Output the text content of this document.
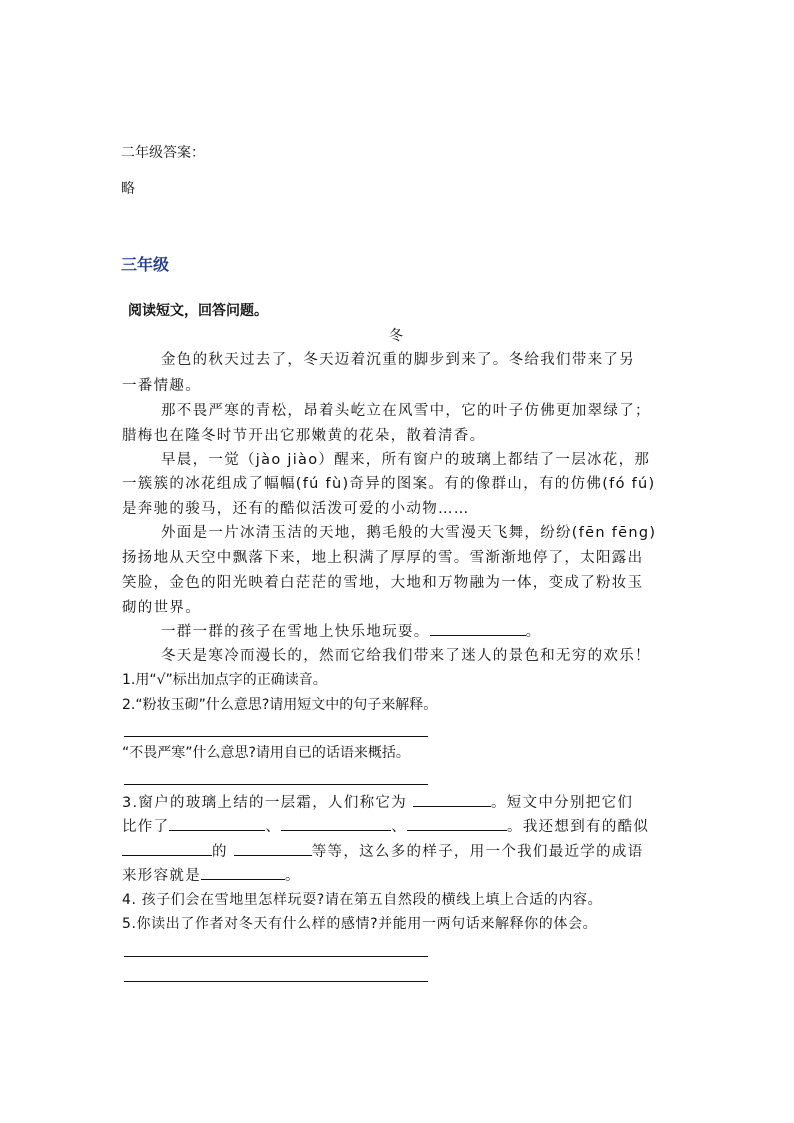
二年级答案：
略
三年级
阅读短文，回答问题。
冬
金色的秋天过去了，冬天迈着沉重的脚步到来了。冬给我们带来了另
一番情趣。
那不畏严寒的青松，昂着头屹立在风雪中，它的叶子仿佛更加翠绿了；
腊梅也在隆冬时节开出它那嫩黄的花朵，散着清香。
早晨，一觉（jào jiào）醒来，所有窗户的玻璃上都结了一层冰花，那
一簇簇的冰花组成了幅幅(fú fù)奇异的图案。有的像群山，有的仿佛(fó fú)
是奔驰的骏马，还有的酷似活泼可爱的小动物……
外面是一片冰清玉洁的天地，鹅毛般的大雪漫天飞舞，纷纷(fēn fēng)
扬扬地从天空中飘落下来，地上积满了厚厚的雪。雪渐渐地停了，太阳露出
笑脸，金色的阳光映着白茫茫的雪地，大地和万物融为一体，变成了粉妆玉
砌的世界。
一群一群的孩子在雪地上快乐地玩耍。	。
冬天是寒冷而漫长的，然而它给我们带来了迷人的景色和无穷的欢乐！
1.用“√”标出加点字的正确读音。
2.“粉妆玉砌”什么意思?请用短文中的句子来解释。
“不畏严寒”什么意思?请用自已的话语来概括。
3.窗户的玻璃上结的一层霜，人们称它为	。短文中分别把它们
比作了	、	、	。我还想到有的酷似
的	等等，这么多的样子，用一个我们最近学的成语
来形容就是	。
4. 孩子们会在雪地里怎样玩耍?请在第五自然段的横线上填上合适的内容。
5.你读出了作者对冬天有什么样的感情?并能用一两句话来解释你的体会。
